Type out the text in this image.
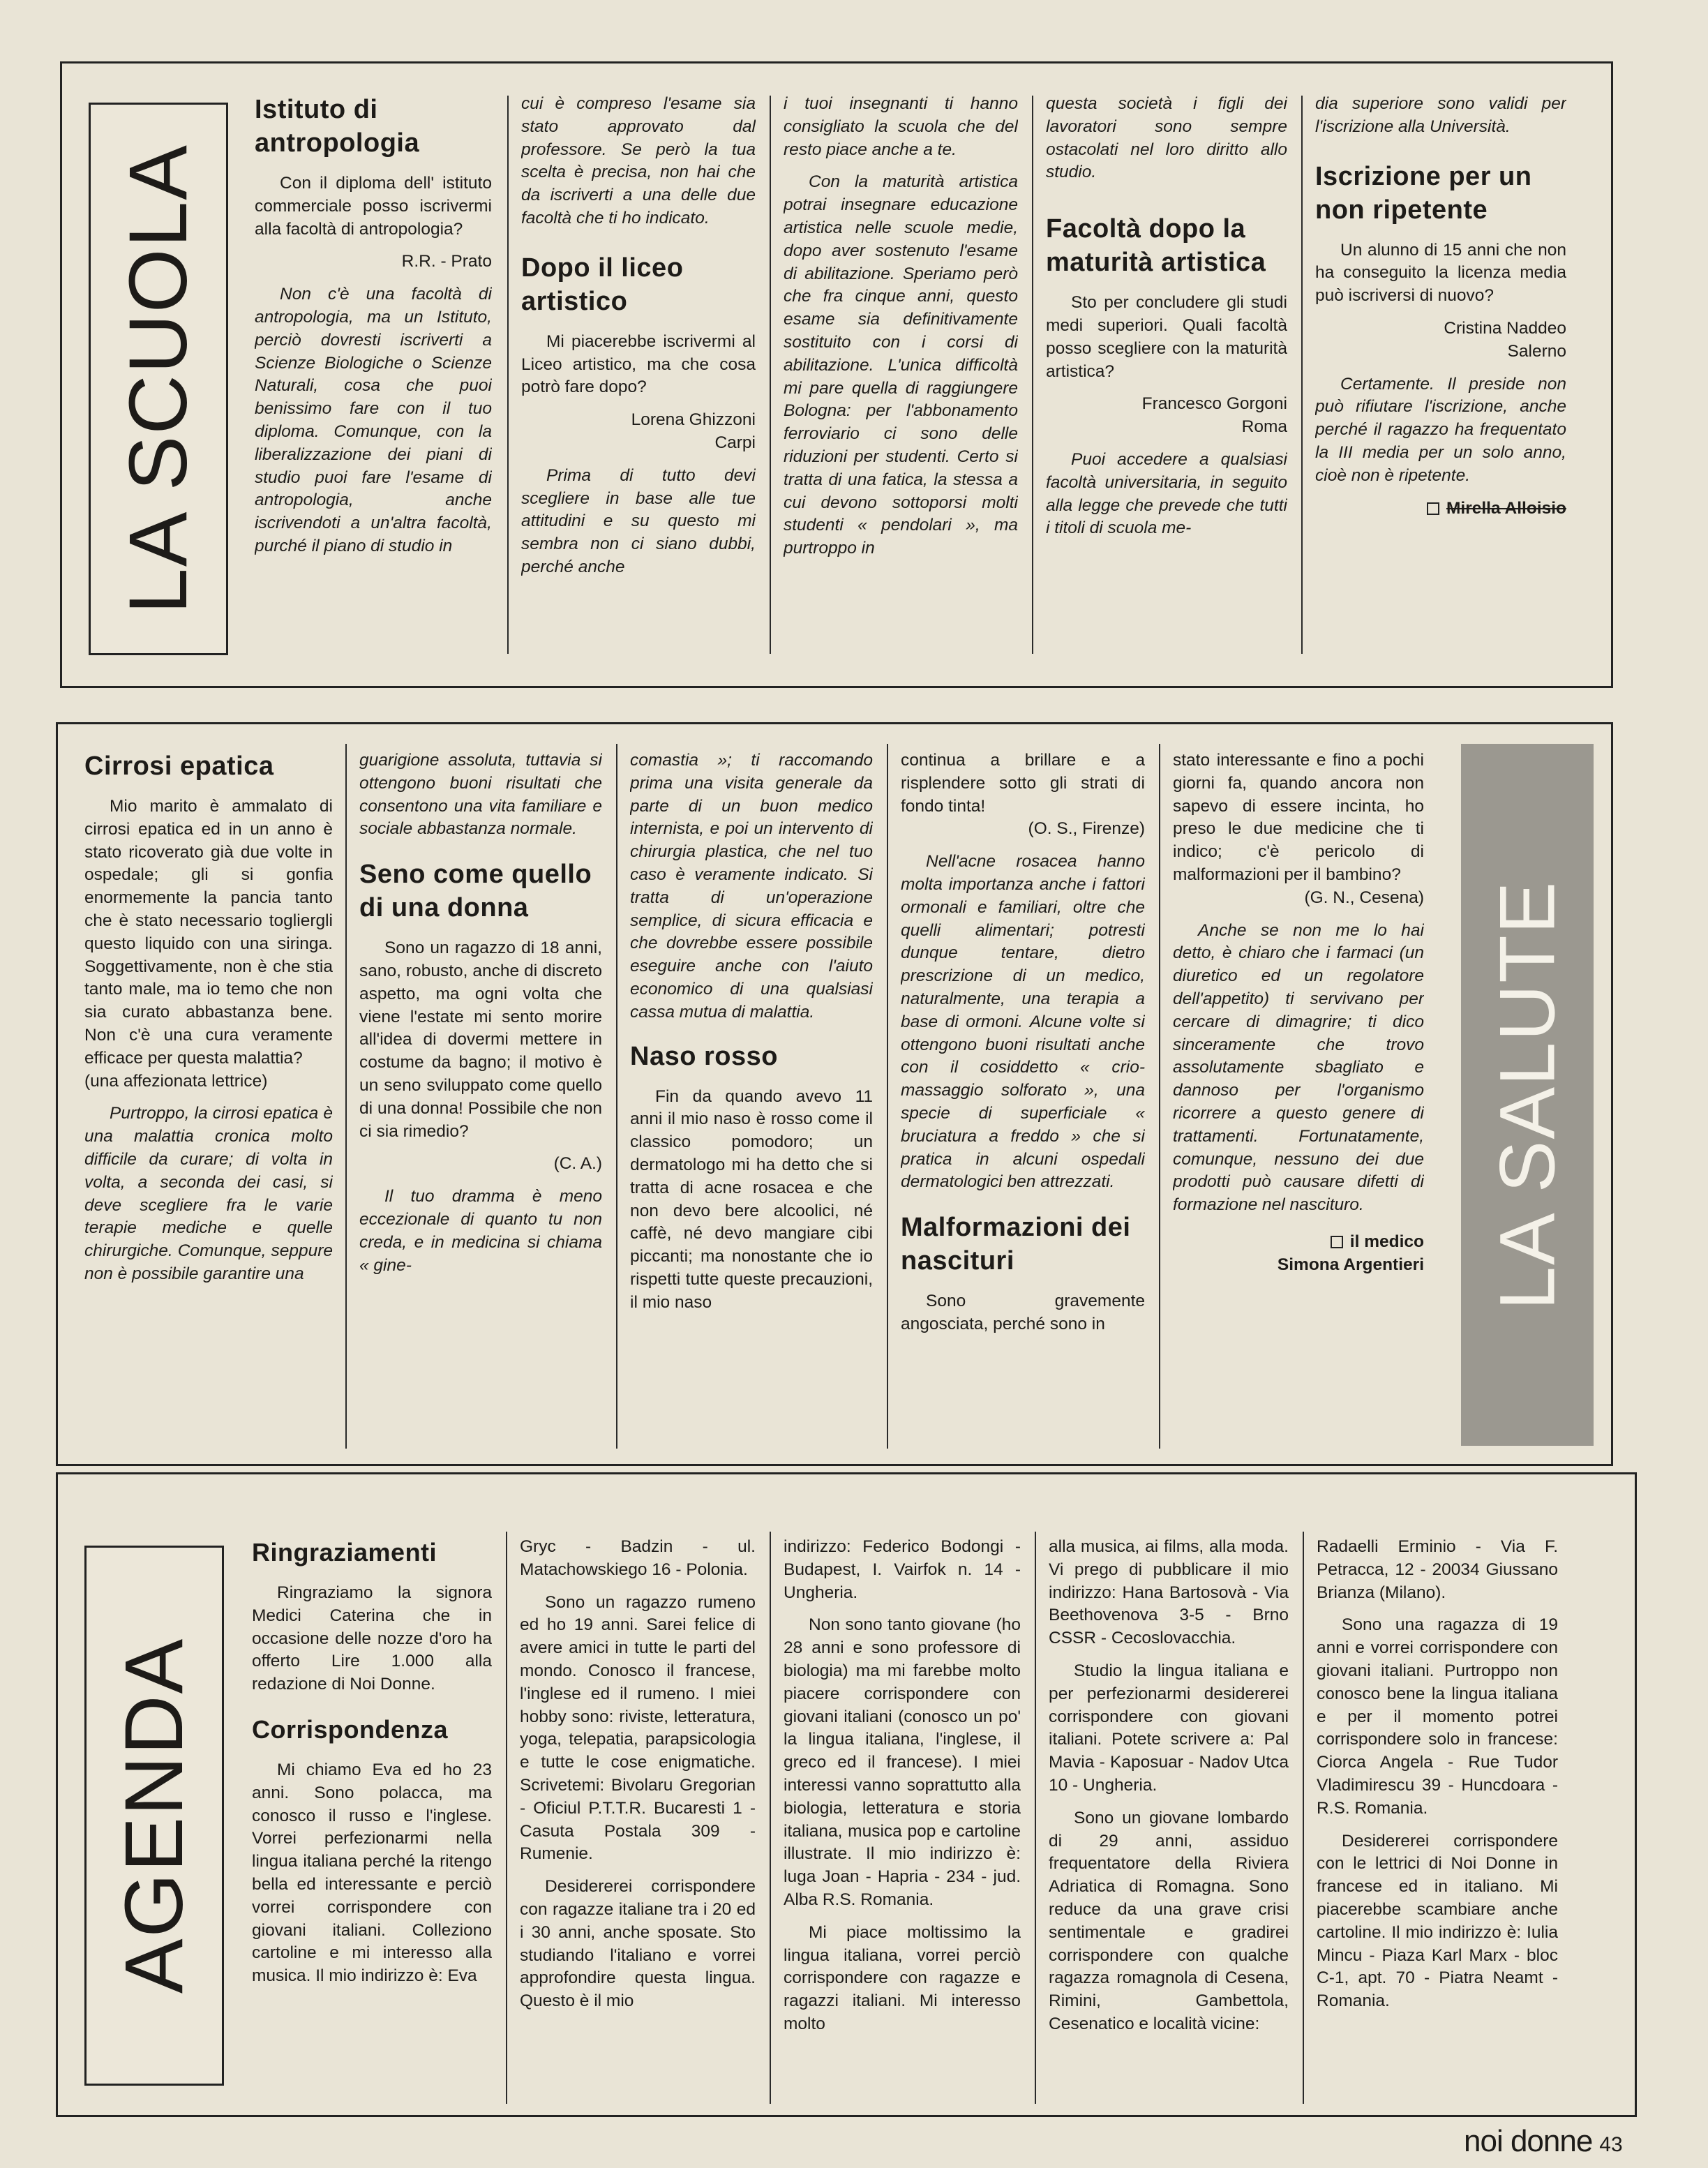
LA SCUOLA
Istituto di antropologia

Con il diploma dell' istituto commerciale posso iscrivermi alla facoltà di antropologia?

R.R. - Prato

Non c'è una facoltà di antropologia, ma un Istituto, perciò dovresti iscriverti a Scienze Biologiche o Scienze Naturali, cosa che puoi benissimo fare con il tuo diploma. Comunque, con la liberalizzazione dei piani di studio puoi fare l'esame di antropologia, anche iscrivendoti a un'altra facoltà, purché il piano di studio in

cui è compreso l'esame sia stato approvato dal professore. Se però la tua scelta è precisa, non hai che da iscriverti a una delle due facoltà che ti ho indicato.

Dopo il liceo artistico

Mi piacerebbe iscrivermi al Liceo artistico, ma che cosa potrò fare dopo?

Lorena Ghizzoni

Carpi

Prima di tutto devi scegliere in base alle tue attitudini e su questo mi sembra non ci siano dubbi, perché anche

i tuoi insegnanti ti hanno consigliato la scuola che del resto piace anche a te.

Con la maturità artistica potrai insegnare educazione artistica nelle scuole medie, dopo aver sostenuto l'esame di abilitazione. Speriamo però che fra cinque anni, questo esame sia definitivamente sostituito con i corsi di abilitazione. L'unica difficoltà mi pare quella di raggiungere Bologna: per l'abbonamento ferroviario ci sono delle riduzioni per studenti. Certo si tratta di una fatica, la stessa a cui devono sottoporsi molti studenti « pendolari », ma purtroppo in

questa società i figli dei lavoratori sono sempre ostacolati nel loro diritto allo studio.

Facoltà dopo la maturità artistica

Sto per concludere gli studi medi superiori. Quali facoltà posso scegliere con la maturità artistica?

Francesco Gorgoni

Roma

Puoi accedere a qualsiasi facoltà universitaria, in seguito alla legge che prevede che tutti i titoli di scuola me-

dia superiore sono validi per l'iscrizione alla Università.

Iscrizione per un non ripetente

Un alunno di 15 anni che non ha conseguito la licenza media può iscriversi di nuovo?

Cristina Naddeo

Salerno

Certamente. Il preside non può rifiutare l'iscrizione, anche perché il ragazzo ha frequentato la III media per un solo anno, cioè non è ripetente.

Mirella Alloisio

LA SALUTE
Cirrosi epatica

Mio marito è ammalato di cirrosi epatica ed in un anno è stato ricoverato già due volte in ospedale; gli si gonfia enormemente la pancia tanto che è stato necessario togliergli questo liquido con una siringa. Soggettivamente, non è che stia tanto male, ma io temo che non sia curato abbastanza bene. Non c'è una cura veramente efficace per questa malattia?

(una affezionata lettrice)

Purtroppo, la cirrosi epatica è una malattia cronica molto difficile da curare; di volta in volta, a seconda dei casi, si deve scegliere fra le varie terapie mediche e quelle chirurgiche. Comunque, seppure non è possibile garantire una

guarigione assoluta, tuttavia si ottengono buoni risultati che consentono una vita familiare e sociale abbastanza normale.

Seno come quello di una donna

Sono un ragazzo di 18 anni, sano, robusto, anche di discreto aspetto, ma ogni volta che viene l'estate mi sento morire all'idea di dovermi mettere in costume da bagno; il motivo è un seno sviluppato come quello di una donna! Possibile che non ci sia rimedio?

(C. A.)

Il tuo dramma è meno eccezionale di quanto tu non creda, e in medicina si chiama « gine-

comastia »; ti raccomando prima una visita generale da parte di un buon medico internista, e poi un intervento di chirurgia plastica, che nel tuo caso è veramente indicato. Si tratta di un'operazione semplice, di sicura efficacia e che dovrebbe essere possibile eseguire anche con l'aiuto economico di una qualsiasi cassa mutua di malattia.

Naso rosso

Fin da quando avevo 11 anni il mio naso è rosso come il classico pomodoro; un dermatologo mi ha detto che si tratta di acne rosacea e che non devo bere alcoolici, né caffè, né devo mangiare cibi piccanti; ma nonostante che io rispetti tutte queste precauzioni, il mio naso

continua a brillare e a risplendere sotto gli strati di fondo tinta!

(O. S., Firenze)

Nell'acne rosacea hanno molta importanza anche i fattori ormonali e familiari, oltre che quelli alimentari; potresti dunque tentare, dietro prescrizione di un medico, naturalmente, una terapia a base di ormoni. Alcune volte si ottengono buoni risultati anche con il cosiddetto « crio-massaggio solforato », una specie di superficiale « bruciatura a freddo » che si pratica in alcuni ospedali dermatologici ben attrezzati.

Malformazioni dei nascituri

Sono gravemente angosciata, perché sono in

stato interessante e fino a pochi giorni fa, quando ancora non sapevo di essere incinta, ho preso le due medicine che ti indico; c'è pericolo di malformazioni per il bambino?

(G. N., Cesena)

Anche se non me lo hai detto, è chiaro che i farmaci (un diuretico ed un regolatore dell'appetito) ti servivano per cercare di dimagrire; ti dico sinceramente che trovo assolutamente sbagliato e dannoso per l'organismo ricorrere a questo genere di trattamenti. Fortunatamente, comunque, nessuno dei due prodotti può causare difetti di formazione nel nascituro.

il medico

Simona Argentieri

AGENDA
Ringraziamenti

Ringraziamo la signora Medici Caterina che in occasione delle nozze d'oro ha offerto Lire 1.000 alla redazione di Noi Donne.

Corrispondenza

Mi chiamo Eva ed ho 23 anni. Sono polacca, ma conosco il russo e l'inglese. Vorrei perfezionarmi nella lingua italiana perché la ritengo bella ed interessante e perciò vorrei corrispondere con giovani italiani. Colleziono cartoline e mi interesso alla musica. Il mio indirizzo è: Eva

Gryc - Badzin - ul. Matachowskiego 16 - Polonia.

Sono un ragazzo rumeno ed ho 19 anni. Sarei felice di avere amici in tutte le parti del mondo. Conosco il francese, l'inglese ed il rumeno. I miei hobby sono: riviste, letteratura, yoga, telepatia, parapsicologia e tutte le cose enigmatiche. Scrivetemi: Bivolaru Gregorian - Oficiul P.T.T.R. Bucaresti 1 - Casuta Postala 309 - Rumenie.

Desidererei corrispondere con ragazze italiane tra i 20 ed i 30 anni, anche sposate. Sto studiando l'italiano e vorrei approfondire questa lingua. Questo è il mio

indirizzo: Federico Bodongi - Budapest, I. Vairfok n. 14 - Ungheria.

Non sono tanto giovane (ho 28 anni e sono professore di biologia) ma mi farebbe molto piacere corrispondere con giovani italiani (conosco un po' la lingua italiana, l'inglese, il greco ed il francese). I miei interessi vanno soprattutto alla biologia, letteratura e storia italiana, musica pop e cartoline illustrate. Il mio indirizzo è: luga Joan - Hapria - 234 - jud. Alba R.S. Romania.

Mi piace moltissimo la lingua italiana, vorrei perciò corrispondere con ragazze e ragazzi italiani. Mi interesso molto

alla musica, ai films, alla moda. Vi prego di pubblicare il mio indirizzo: Hana Bartosovà - Via Beethovenova 3-5 - Brno CSSR - Cecoslovacchia.

Studio la lingua italiana e per perfezionarmi desidererei corrispondere con giovani italiani. Potete scrivere a: Pal Mavia - Kaposuar - Nadov Utca 10 - Ungheria.

Sono un giovane lombardo di 29 anni, assiduo frequentatore della Riviera Adriatica di Romagna. Sono reduce da una grave crisi sentimentale e gradirei corrispondere con qualche ragazza romagnola di Cesena, Rimini, Gambettola, Cesenatico e località vicine:

Radaelli Erminio - Via F. Petracca, 12 - 20034 Giussano Brianza (Milano).

Sono una ragazza di 19 anni e vorrei corrispondere con giovani italiani. Purtroppo non conosco bene la lingua italiana e per il momento potrei corrispondere solo in francese: Ciorca Angela - Rue Tudor Vladimirescu 39 - Huncdoara - R.S. Romania.

Desidererei corrispondere con le lettrici di Noi Donne in francese ed in italiano. Mi piacerebbe scambiare anche cartoline. Il mio indirizzo è: Iulia Mincu - Piaza Karl Marx - bloc C-1, apt. 70 - Piatra Neamt - Romania.

noi donne 43
